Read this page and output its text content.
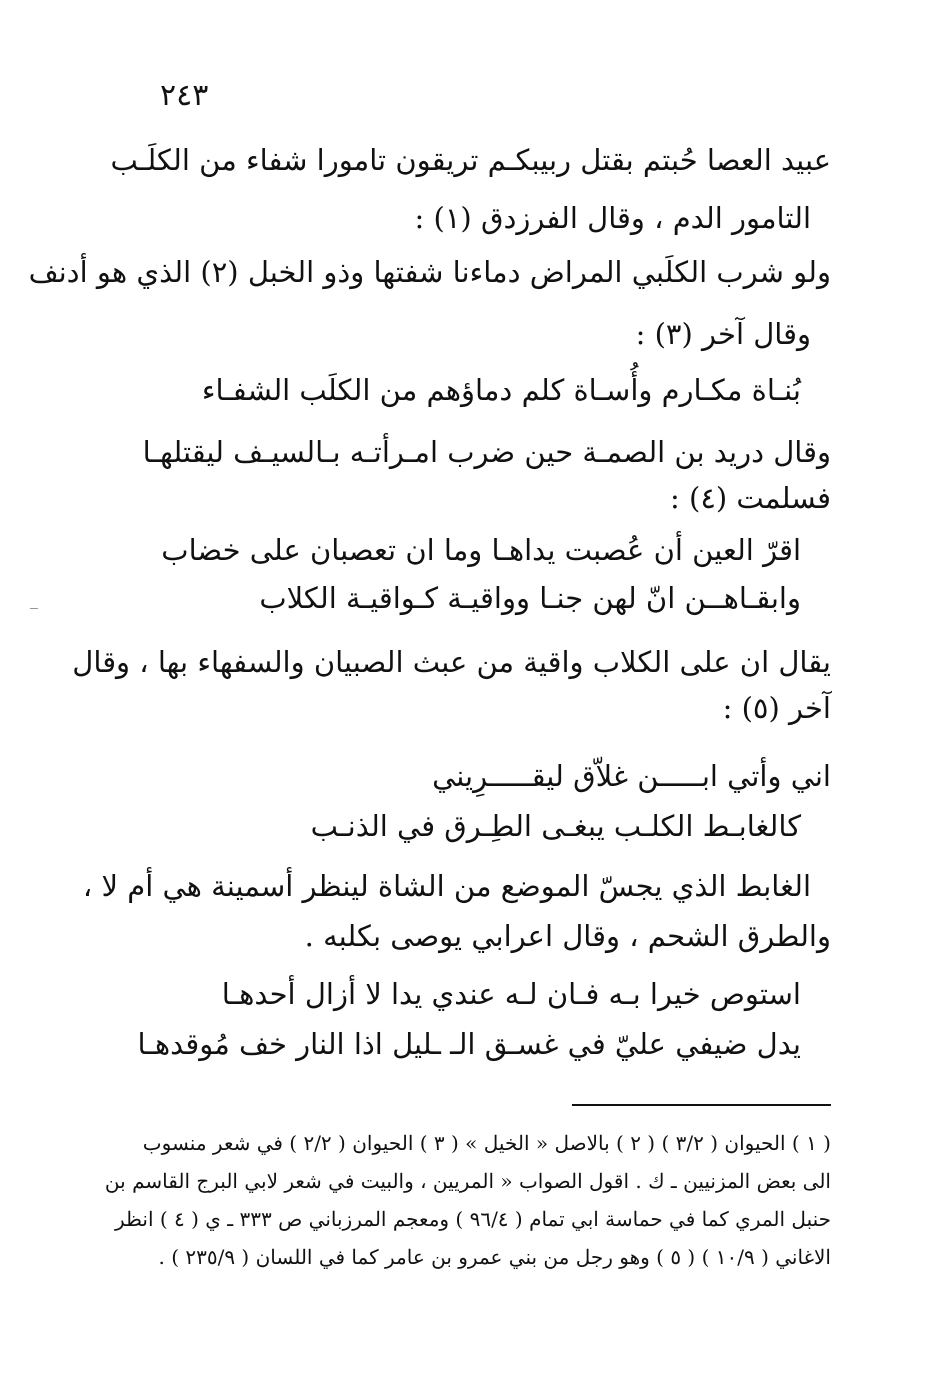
٢٤٣
عبيد العصا حُبتم بقتل ربيبكـم تريقون تامورا شفاء من الكلَـب
التامور الدم ، وقال الفرزدق (١) :
ولو شرب الكلَبي المراض دماءنا شفتها وذو الخبل (٢) الذي هو أدنف
وقال آخر (٣) :
بُنـاة مكـارم وأُسـاة كلم دماؤهم من الكلَب الشفـاء
وقال دريد بن الصمـة حين ضرب امـرأتـه بـالسيـف ليقتلهـا
فسلمت (٤) :
اقرّ العين أن عُصبت يداهـا وما ان تعصبان على خضاب
وابقـاهــن انّ لهن جنـا وواقيـة كـواقيـة الكلاب
يقال ان على الكلاب واقية من عبث الصبيان والسفهاء بها ، وقال
آخر (٥) :
اني وأتي ابـــــن غلاّق ليقـــــرِيني
كالغابـط الكلـب يبغـى الطِـرق في الذنـب
الغابط الذي يجسّ الموضع من الشاة لينظر أسمينة هي أم لا ،
والطرق الشحم ، وقال اعرابي يوصى بكلبه .
استوص خيرا بـه فـان لـه عندي يدا لا أزال أحدهـا
يدل ضيفي عليّ في غسـق الـ ـليل اذا النار خف مُوقدهـا
( ١ ) الحيوان ( ٣/٢ ) ( ٢ ) بالاصل « الخيل » ( ٣ ) الحيوان ( ٢/٢ ) في شعر منسوب
الى بعض المزنيين ـ ك . اقول الصواب « المريين ، والبيت في شعر لابي البرج القاسم بن
حنبل المري كما في حماسة ابي تمام ( ٩٦/٤ ) ومعجم المرزباني ص ٣٣٣ ـ ي ( ٤ ) انظر
الاغاني ( ١٠/٩ ) ( ٥ ) وهو رجل من بني عمرو بن عامر كما في اللسان ( ٢٣٥/٩ ) .
